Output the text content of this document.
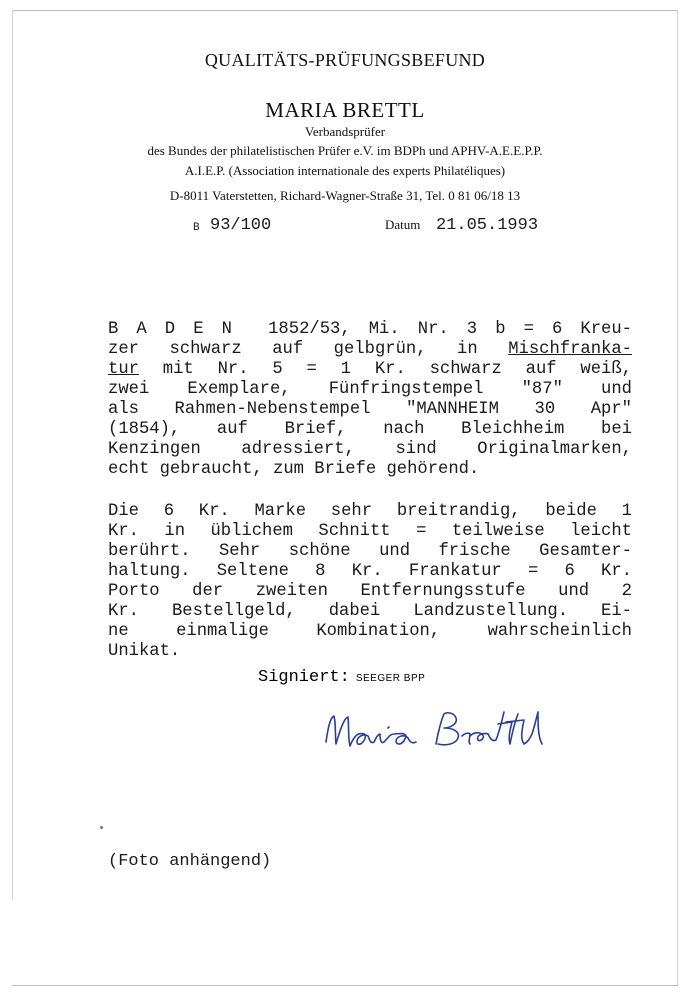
QUALITÄTS-PRÜFUNGSBEFUND
MARIA BRETTL
Verbandsprüfer
des Bundes der philatelistischen Prüfer e.V. im BDPh und APHV-A.E.E.P.P.
A.I.E.P. (Association internationale des experts Philatéliques)
D-8011 Vaterstetten, Richard-Wagner-Straße 31, Tel. 0 81 06/18 13
B 93/100	Datum 21.05.1993
B A D E N  1852/53, Mi. Nr. 3 b = 6 Kreu-
zer schwarz auf gelbgrün, in Mischfrankа-
tur mit Nr. 5 = 1 Kr. schwarz auf weiß,
zwei Exemplare, Fünfringstempel "87" und
als Rahmen-Nebenstempel "MANNHEIM 30 Apr"
(1854), auf Brief, nach Bleichheim bei
Kenzingen adressiert, sind Originalmarken,
echt gebraucht, zum Briefe gehörend.
Die 6 Kr. Marke sehr breitrandig, beide 1
Kr. in üblichem Schnitt = teilweise leicht
berührt. Sehr schöne und frische Gesamter-
haltung. Seltene 8 Kr. Frankatur = 6 Kr.
Porto der zweiten Entfernungsstufe und 2
Kr. Bestellgeld, dabei Landzustellung. Ei-
ne einmalige Kombination, wahrscheinlich
Unikat.
Signiert: SEEGER BPP
Maria Brettl
(Foto anhängend)
